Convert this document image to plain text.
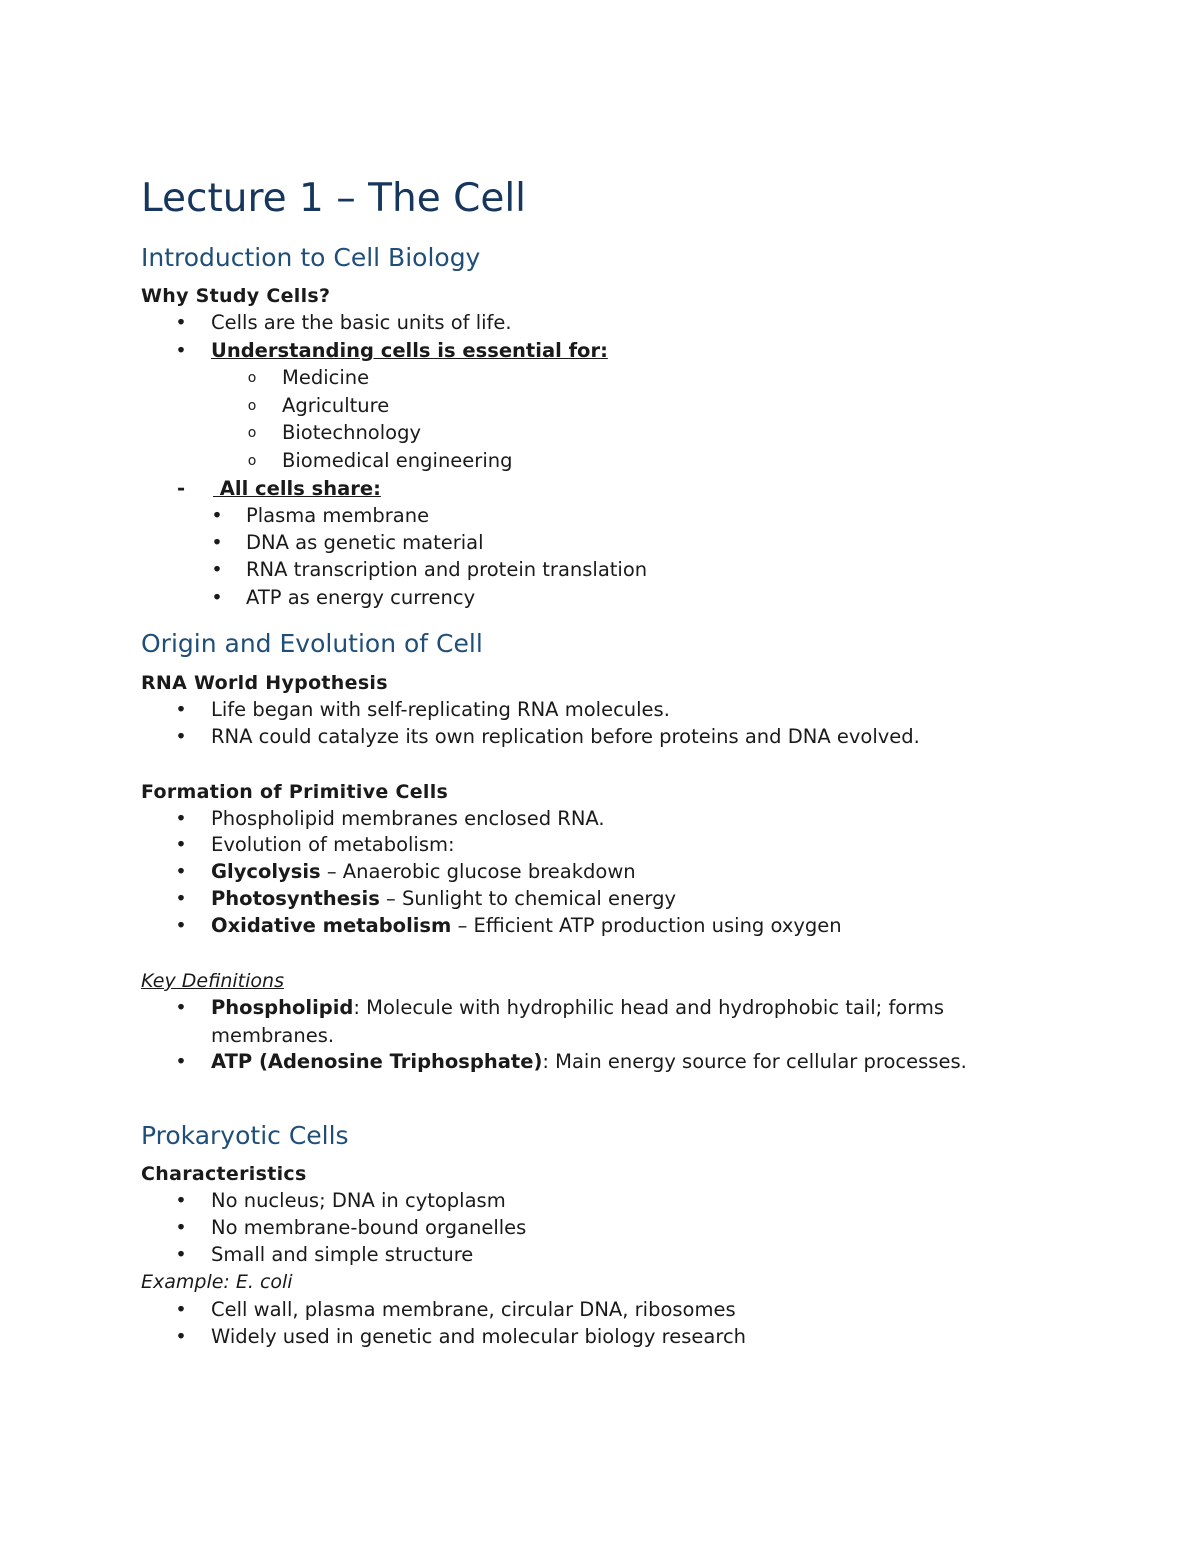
Lecture 1 – The Cell
Introduction to Cell Biology
Why Study Cells?
• Cells are the basic units of life.
• Understanding cells is essential for:
o Medicine
o Agriculture
o Biotechnology
o Biomedical engineering
-	All cells share:
• Plasma membrane
• DNA as genetic material
• RNA transcription and protein translation
• ATP as energy currency
Origin and Evolution of Cell
RNA World Hypothesis
• Life began with self-replicating RNA molecules.
• RNA could catalyze its own replication before proteins and DNA evolved.
Formation of Primitive Cells
• Phospholipid membranes enclosed RNA.
• Evolution of metabolism:
• Glycolysis – Anaerobic glucose breakdown
• Photosynthesis – Sunlight to chemical energy
• Oxidative metabolism – Efficient ATP production using oxygen

Key Definitions

• Phospholipid: Molecule with hydrophilic head and hydrophobic tail; forms membranes.
• ATP (Adenosine Triphosphate): Main energy source for cellular processes.
Prokaryotic Cells
Characteristics
• No nucleus; DNA in cytoplasm
• No membrane-bound organelles
• Small and simple structure

Example: E. coli

• Cell wall, plasma membrane, circular DNA, ribosomes
• Widely used in genetic and molecular biology research
